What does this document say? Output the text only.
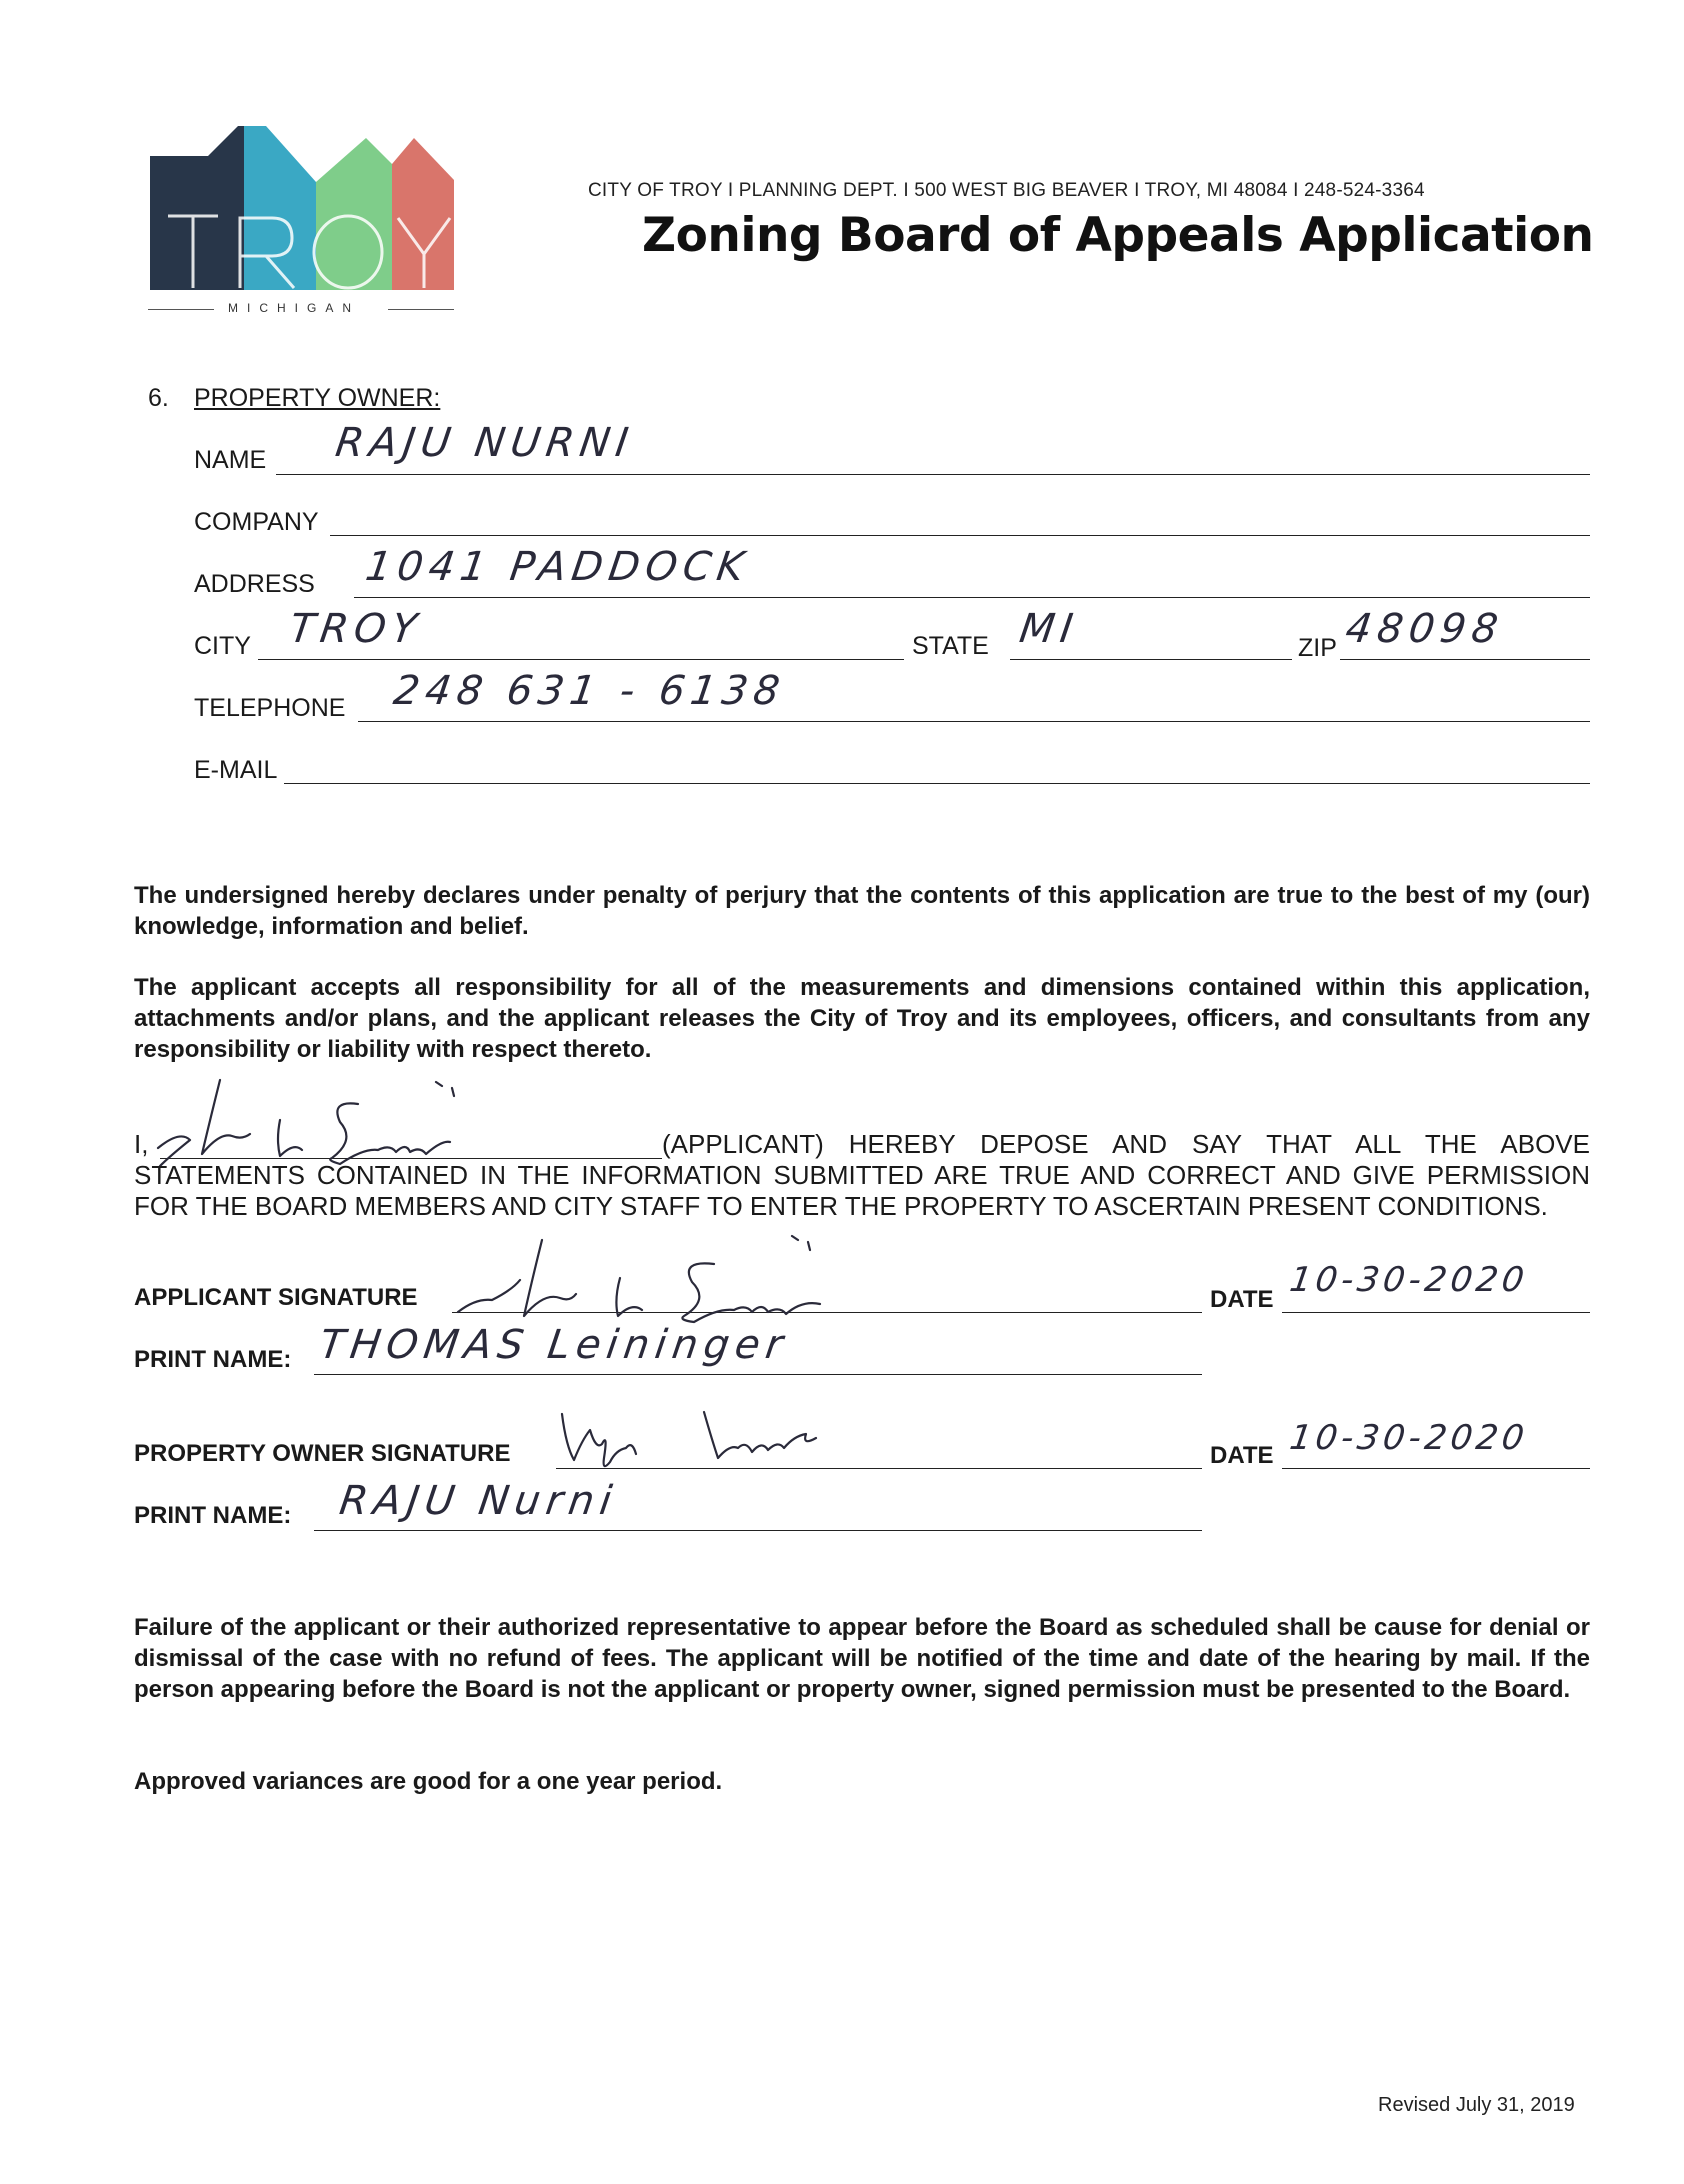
MICHIGAN
CITY OF TROY I PLANNING DEPT. I 500 WEST BIG BEAVER I TROY, MI 48084 I 248-524-3364
Zoning Board of Appeals Application
6. PROPERTY OWNER:
NAME RAJU NURNI
COMPANY
ADDRESS 1041 PADDOCK
CITY TROY	STATE MI	ZIP 48098
TELEPHONE 248 631 - 6138
E-MAIL
The undersigned hereby declares under penalty of perjury that the contents of this application are true to the best of my (our) knowledge, information and belief.
The applicant accepts all responsibility for all of the measurements and dimensions contained within this application, attachments and/or plans, and the applicant releases the City of Troy and its employees, officers, and consultants from any responsibility or liability with respect thereto.
I,	(APPLICANT) HEREBY DEPOSE AND SAY THAT ALL THE ABOVE STATEMENTS CONTAINED IN THE INFORMATION SUBMITTED ARE TRUE AND CORRECT AND GIVE PERMISSION FOR THE BOARD MEMBERS AND CITY STAFF TO ENTER THE PROPERTY TO ASCERTAIN PRESENT CONDITIONS.
APPLICANT SIGNATURE	DATE 10-30-2020
PRINT NAME: THOMAS Leininger
PROPERTY OWNER SIGNATURE	DATE 10-30-2020
PRINT NAME: RAJU Nurni
Failure of the applicant or their authorized representative to appear before the Board as scheduled shall be cause for denial or dismissal of the case with no refund of fees. The applicant will be notified of the time and date of the hearing by mail. If the person appearing before the Board is not the applicant or property owner, signed permission must be presented to the Board.
Approved variances are good for a one year period.
Revised July 31, 2019
